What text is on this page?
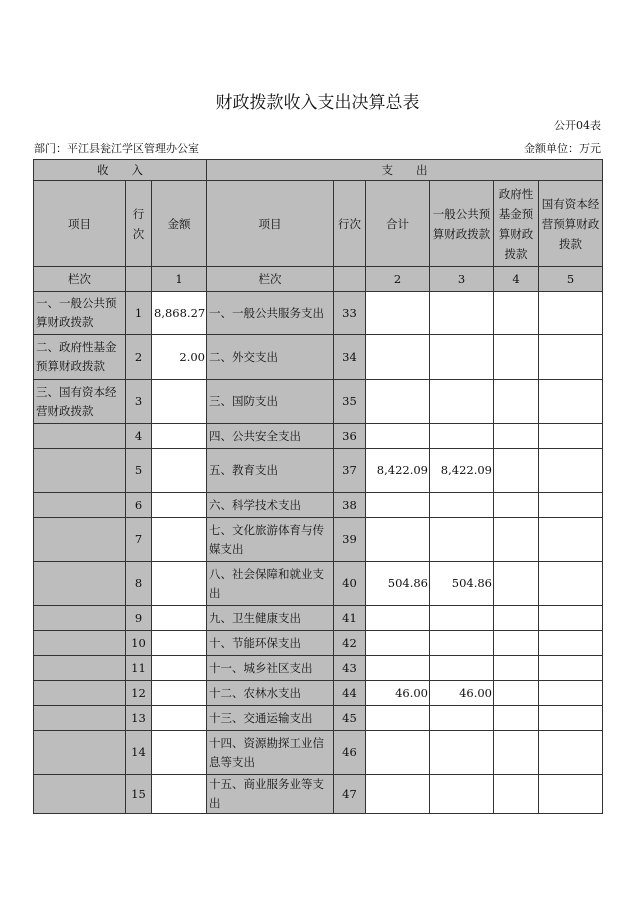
财政拨款收入支出决算总表
公开04表
部门：平江县瓮江学区管理办公室	金额单位：万元
收　　入			支　　出					
项目	行次	金额	项目	行次	合计	一般公共预算财政拨款	政府性基金预算财政拨款	国有资本经营预算财政拨款
栏次		1	栏次		2	3	4	5
一、一般公共预算财政拨款	1	8,868.27	一、一般公共服务支出	33				
二、政府性基金预算财政拨款	2	2.00	二、外交支出	34				
三、国有资本经营财政拨款	3		三、国防支出	35				
	4		四、公共安全支出	36				
	5		五、教育支出	37	8,422.09	8,422.09		
	6		六、科学技术支出	38				
	7		七、文化旅游体育与传媒支出	39				
	8		八、社会保障和就业支出	40	504.86	504.86		
	9		九、卫生健康支出	41				
	10		十、节能环保支出	42				
	11		十一、城乡社区支出	43				
	12		十二、农林水支出	44	46.00	46.00		
	13		十三、交通运输支出	45				
	14		十四、资源勘探工业信息等支出	46				
	15		十五、商业服务业等支出	47				
